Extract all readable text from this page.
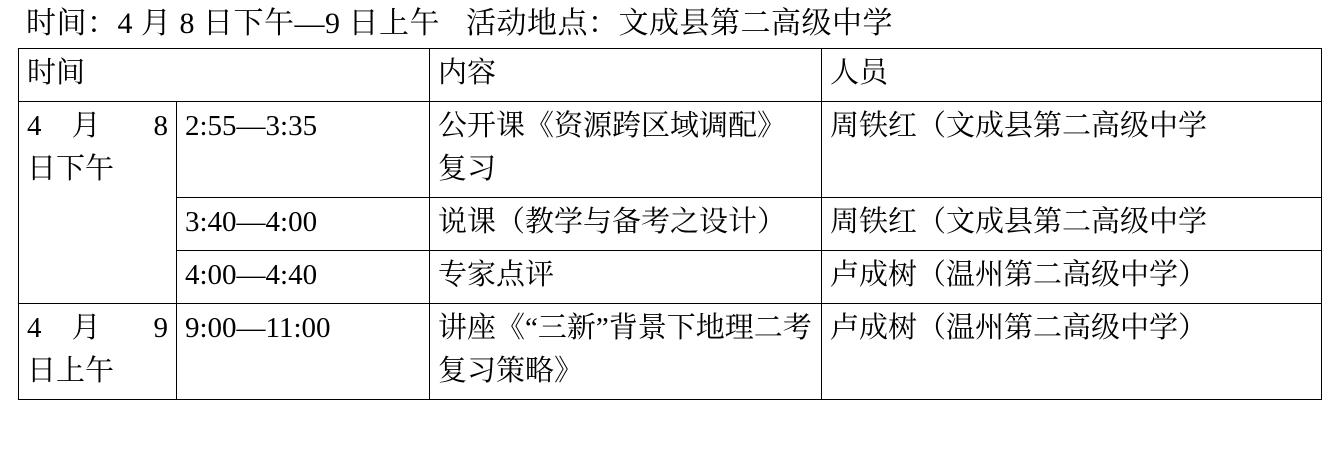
时间：4 月 8 日下午—9 日上午 活动地点：文成县第二高级中学
时间		内容	人员

4 月 8
日下午	2:55—3:35	公开课《资源跨区域调配》复习	周铁红（文成县第二高级中学
	3:40—4:00	说课（教学与备考之设计）	周铁红（文成县第二高级中学
	4:00—4:40	专家点评	卢成树（温州第二高级中学）

4 月 9
日上午	9:00—11:00	讲座《“三新”背景下地理二考复习策略》	卢成树（温州第二高级中学）
